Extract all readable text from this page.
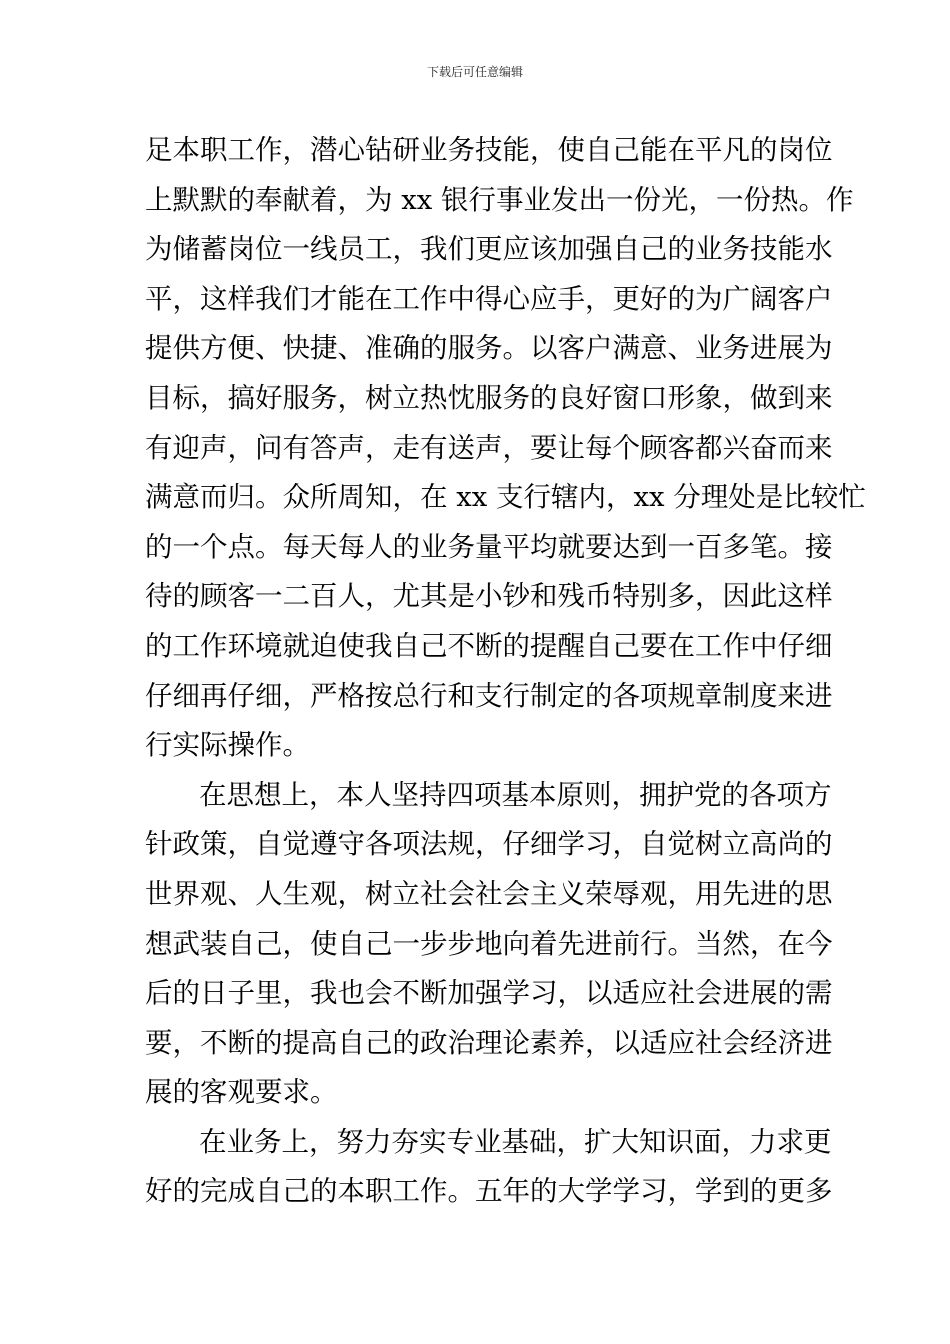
下载后可任意编辑
足本职工作，潜心钻研业务技能，使自己能在平凡的岗位
上默默的奉献着，为 xx 银行事业发出一份光，一份热。作
为储蓄岗位一线员工，我们更应该加强自己的业务技能水
平，这样我们才能在工作中得心应手，更好的为广阔客户
提供方便、快捷、准确的服务。以客户满意、业务进展为
目标，搞好服务，树立热忱服务的良好窗口形象，做到来
有迎声，问有答声，走有送声，要让每个顾客都兴奋而来
满意而归。众所周知，在 xx 支行辖内，xx 分理处是比较忙
的一个点。每天每人的业务量平均就要达到一百多笔。接
待的顾客一二百人，尤其是小钞和残币特别多，因此这样
的工作环境就迫使我自己不断的提醒自己要在工作中仔细
仔细再仔细，严格按总行和支行制定的各项规章制度来进
行实际操作。
在思想上，本人坚持四项基本原则，拥护党的各项方
针政策，自觉遵守各项法规，仔细学习，自觉树立高尚的
世界观、人生观，树立社会社会主义荣辱观，用先进的思
想武装自己，使自己一步步地向着先进前行。当然，在今
后的日子里，我也会不断加强学习，以适应社会进展的需
要，不断的提高自己的政治理论素养，以适应社会经济进
展的客观要求。
在业务上，努力夯实专业基础，扩大知识面，力求更
好的完成自己的本职工作。五年的大学学习，学到的更多
